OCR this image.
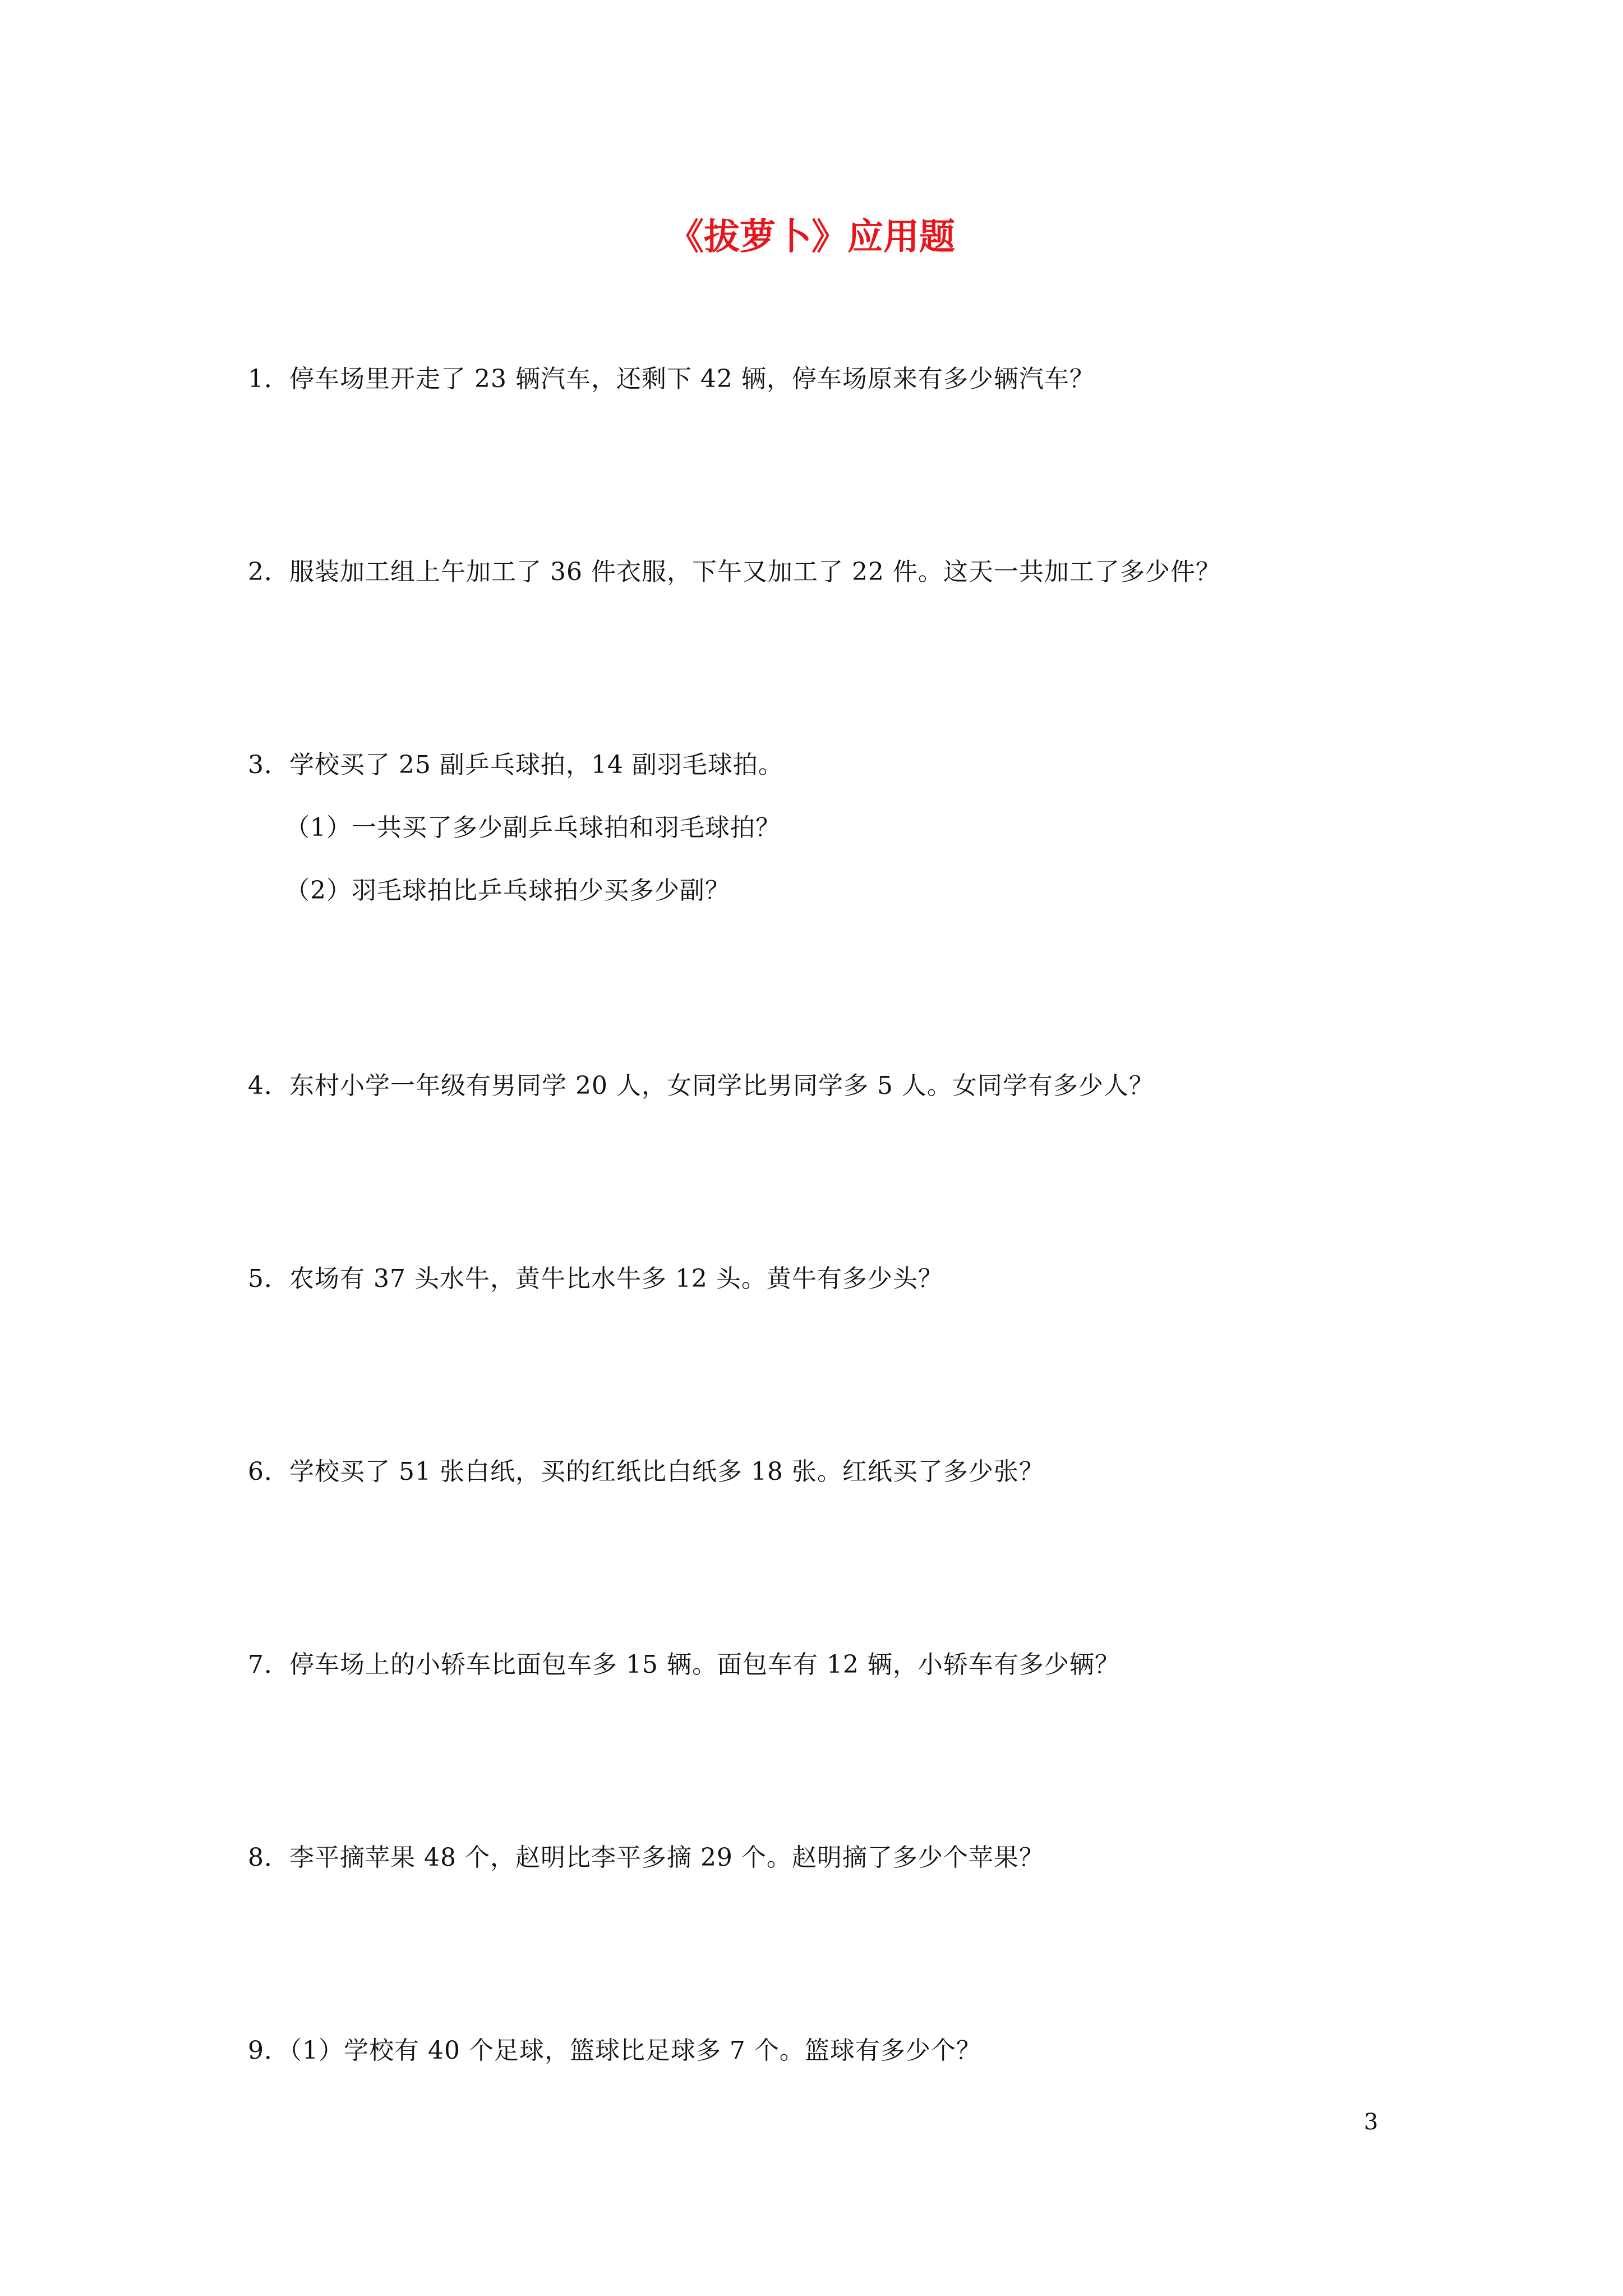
《拔萝卜》应用题
1．停车场里开走了 23 辆汽车，还剩下 42 辆，停车场原来有多少辆汽车？
2．服装加工组上午加工了 36 件衣服，下午又加工了 22 件。这天一共加工了多少件？
3．学校买了 25 副乒乓球拍，14 副羽毛球拍。
（1）一共买了多少副乒乓球拍和羽毛球拍？
（2）羽毛球拍比乒乓球拍少买多少副？
4．东村小学一年级有男同学 20 人，女同学比男同学多 5 人。女同学有多少人？
5．农场有 37 头水牛，黄牛比水牛多 12 头。黄牛有多少头？
6．学校买了 51 张白纸，买的红纸比白纸多 18 张。红纸买了多少张？
7．停车场上的小轿车比面包车多 15 辆。面包车有 12 辆，小轿车有多少辆？
8．李平摘苹果 48 个，赵明比李平多摘 29 个。赵明摘了多少个苹果？
9．（1）学校有 40 个足球，篮球比足球多 7 个。篮球有多少个？
3
